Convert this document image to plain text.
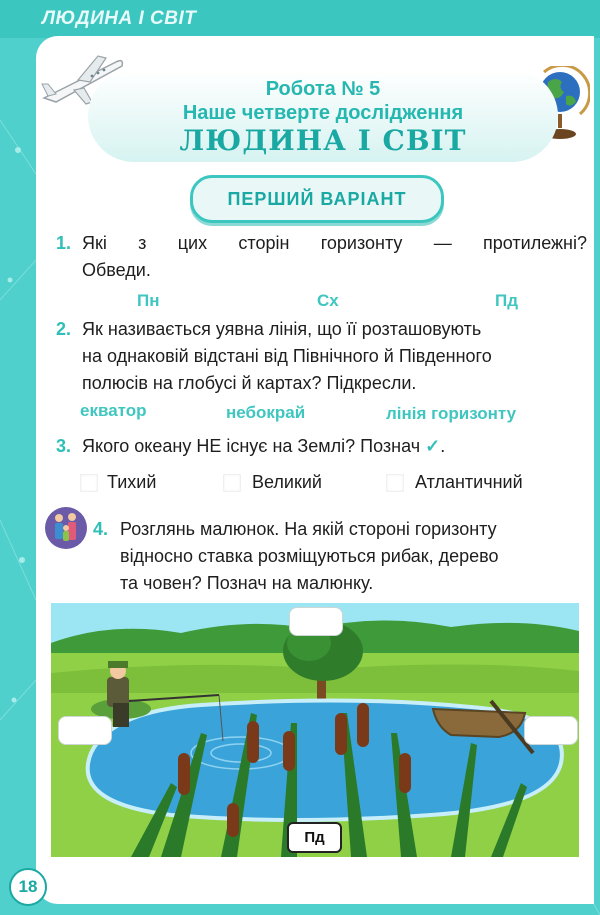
ЛЮДИНА І СВІТ
Робота № 5
Наше четверте дослідження
ЛЮДИНА І СВІТ
ПЕРШИЙ ВАРІАНТ
1. Які з цих сторін горизонту — протилежні?
Обведи.
Пн	Сх	Пд
2. Як називається уявна лінія, що її розташовують
на однаковій відстані від Північного й Південного
полюсів на глобусі й картах? Підкресли.
екватор	небокрай	лінія горизонту
3. Якого океану НЕ існує на Землі? Познач ✓.
Тихий	Великий	Атлантичний
4. Розглянь малюнок. На якій стороні горизонту
відносно ставка розміщуються рибак, дерево
та човен? Познач на малюнку.
Пд
18
